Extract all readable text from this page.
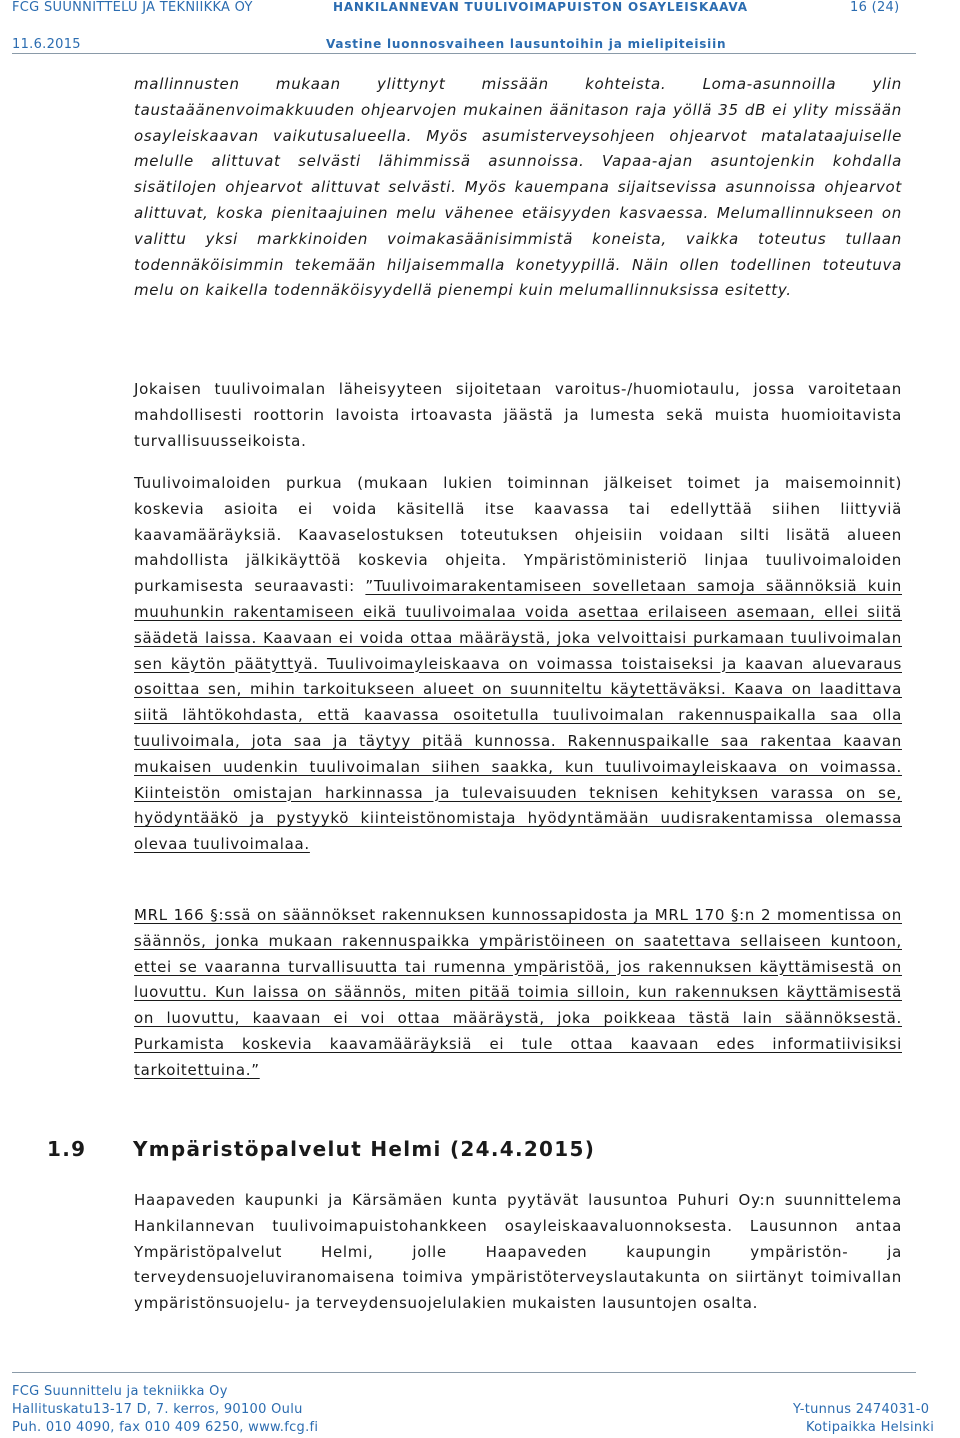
FCG SUUNNITTELU JA TEKNIIKKA OY	HANKILANNEVAN TUULIVOIMAPUISTON OSAYLEISKAAVA	16 (24)
11.6.2015	Vastine luonnosvaiheen lausuntoihin ja mielipiteisiin
mallinnusten mukaan ylittynyt missään kohteista. Loma-asunnoilla ylin taustaäänenvoimakkuuden ohjearvojen mukainen äänitason raja yöllä 35 dB ei ylity missään osayleiskaavan vaikutusalueella. Myös asumisterveysohjeen ohjearvot matalataajuiselle melulle alittuvat selvästi lähimmissä asunnoissa. Vapaa-ajan asuntojenkin kohdalla sisätilojen ohjearvot alittuvat selvästi. Myös kauempana sijaitsevissa asunnoissa ohjearvot alittuvat, koska pienitaajuinen melu vähenee etäisyyden kasvaessa. Melumallinnukseen on valittu yksi markkinoiden voimakasäänisimmistä koneista, vaikka toteutus tullaan todennäköisimmin tekemään hiljaisemmalla konetyypillä. Näin ollen todellinen toteutuva melu on kaikella todennäköisyydellä pienempi kuin melumallinnuksissa esitetty.
Jokaisen tuulivoimalan läheisyyteen sijoitetaan varoitus-/huomiotaulu, jossa varoitetaan mahdollisesti roottorin lavoista irtoavasta jäästä ja lumesta sekä muista huomioitavista turvallisuusseikoista.
Tuulivoimaloiden purkua (mukaan lukien toiminnan jälkeiset toimet ja maisemoinnit) koskevia asioita ei voida käsitellä itse kaavassa tai edellyttää siihen liittyviä kaavamääräyksiä. Kaavaselostuksen toteutuksen ohjeisiin voidaan silti lisätä alueen mahdollista jälkikäyttöä koskevia ohjeita. Ympäristöministeriö linjaa tuulivoimaloiden purkamisesta seuraavasti: ”Tuulivoimarakentamiseen sovelletaan samoja säännöksiä kuin muuhunkin rakentamiseen eikä tuulivoimalaa voida asettaa erilaiseen asemaan, ellei siitä säädetä laissa. Kaavaan ei voida ottaa määräystä, joka velvoittaisi purkamaan tuulivoimalan sen käytön päätyttyä. Tuulivoimayleiskaava on voimassa toistaiseksi ja kaavan aluevaraus osoittaa sen, mihin tarkoitukseen alueet on suunniteltu käytettäväksi. Kaava on laadittava siitä lähtökohdasta, että kaavassa osoitetulla tuulivoimalan rakennuspaikalla saa olla tuulivoimala, jota saa ja täytyy pitää kunnossa. Rakennuspaikalle saa rakentaa kaavan mukaisen uudenkin tuulivoimalan siihen saakka, kun tuulivoimayleiskaava on voimassa. Kiinteistön omistajan harkinnassa ja tulevaisuuden teknisen kehityksen varassa on se, hyödyntääkö ja pystyykö kiinteistönomistaja hyödyntämään uudisrakentamissa olemassa olevaa tuulivoimalaa.
MRL 166 §:ssä on säännökset rakennuksen kunnossapidosta ja MRL 170 §:n 2 momentissa on säännös, jonka mukaan rakennuspaikka ympäristöineen on saatettava sellaiseen kuntoon, ettei se vaaranna turvallisuutta tai rumenna ympäristöä, jos rakennuksen käyttämisestä on luovuttu. Kun laissa on säännös, miten pitää toimia silloin, kun rakennuksen käyttämisestä on luovuttu, kaavaan ei voi ottaa määräystä, joka poikkeaa tästä lain säännöksestä. Purkamista koskevia kaavamääräyksiä ei tule ottaa kaavaan edes informatiivisiksi tarkoitettuina.”
1.9 Ympäristöpalvelut Helmi (24.4.2015)
Haapaveden kaupunki ja Kärsämäen kunta pyytävät lausuntoa Puhuri Oy:n suunnittelema Hankilannevan tuulivoimapuistohankkeen osayleiskaavaluonnoksesta. Lausunnon antaa Ympäristöpalvelut Helmi, jolle Haapaveden kaupungin ympäristön- ja terveydensuojeluviranomaisena toimiva ympäristöterveyslautakunta on siirtänyt toimivallan ympäristönsuojelu- ja terveydensuojelulakien mukaisten lausuntojen osalta.
FCG Suunnittelu ja tekniikka Oy
Hallituskatu13-17 D, 7. kerros, 90100 Oulu
Puh. 010 4090, fax 010 409 6250, www.fcg.fi
Y-tunnus 2474031-0
Kotipaikka Helsinki
